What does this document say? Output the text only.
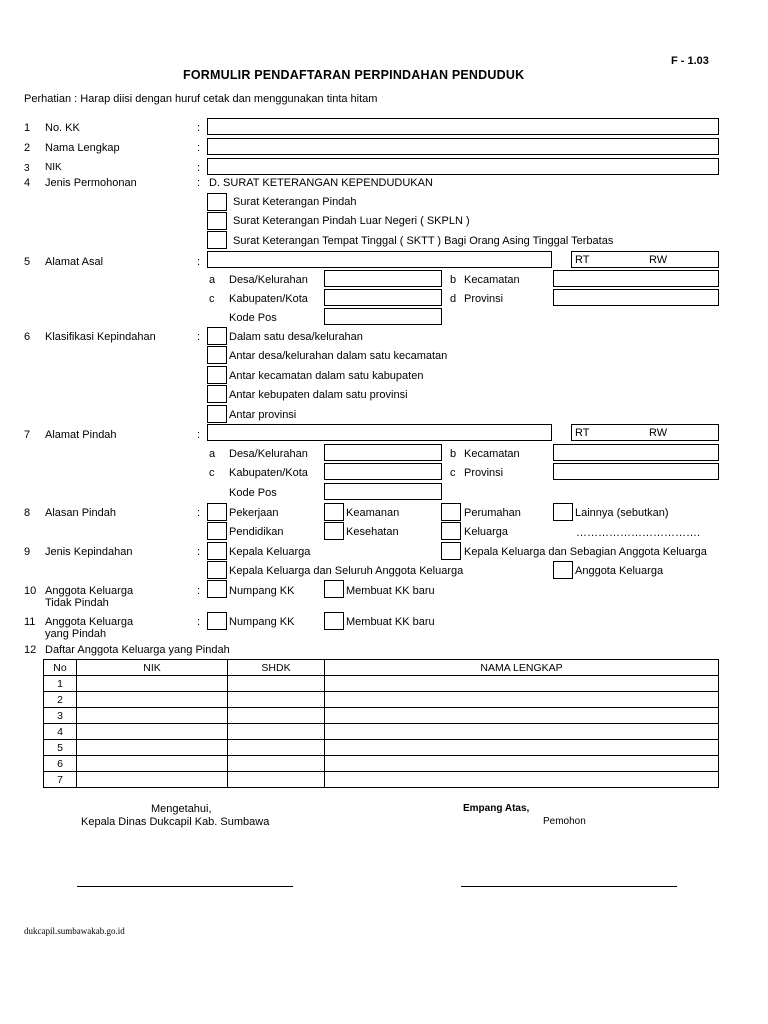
F - 1.03
FORMULIR PENDAFTARAN PERPINDAHAN PENDUDUK
Perhatian : Harap diisi dengan huruf cetak dan menggunakan tinta hitam
1 No. KK	:
2 Nama Lengkap	:
3 NIK	:
4 Jenis Permohonan	: D. SURAT KETERANGAN KEPENDUDUKAN
Surat Keterangan Pindah
Surat Keterangan Pindah Luar Negeri ( SKPLN )
Surat Keterangan Tempat Tinggal ( SKTT ) Bagi Orang Asing Tinggal Terbatas
5 Alamat Asal	:	RT	RW
a Desa/Kelurahan	b Kecamatan
c Kabupaten/Kota	d Provinsi
Kode Pos
6 Klasifikasi Kepindahan	:	Dalam satu desa/kelurahan
Antar desa/kelurahan dalam satu kecamatan
Antar kecamatan dalam satu kabupaten
Antar kebupaten dalam satu provinsi
Antar provinsi
7 Alamat Pindah	:	RT	RW
a Desa/Kelurahan	b Kecamatan
c Kabupaten/Kota	c Provinsi
Kode Pos
8 Alasan Pindah	:	Pekerjaan	Keamanan	Perumahan	Lainnya (sebutkan)
Pendidikan	Kesehatan	Keluarga	…………………………….
9 Jenis Kepindahan	:	Kepala Keluarga	Kepala Keluarga dan Sebagian Anggota Keluarga
Kepala Keluarga dan Seluruh Anggota Keluarga	Anggota Keluarga
10 Anggota Keluarga
Tidak Pindah
:	Numpang KK	Membuat KK baru
11 Anggota Keluarga
yang Pindah
:	Numpang KK	Membuat KK baru
12 Daftar Anggota Keluarga yang Pindah
No	NIK	SHDK	NAMA LENGKAP
1			
2			
3			
4			
5			
6			
7			
Mengetahui,
Kepala Dinas Dukcapil Kab. Sumbawa
Empang Atas,
Pemohon
dukcapil.sumbawakab.go.id
